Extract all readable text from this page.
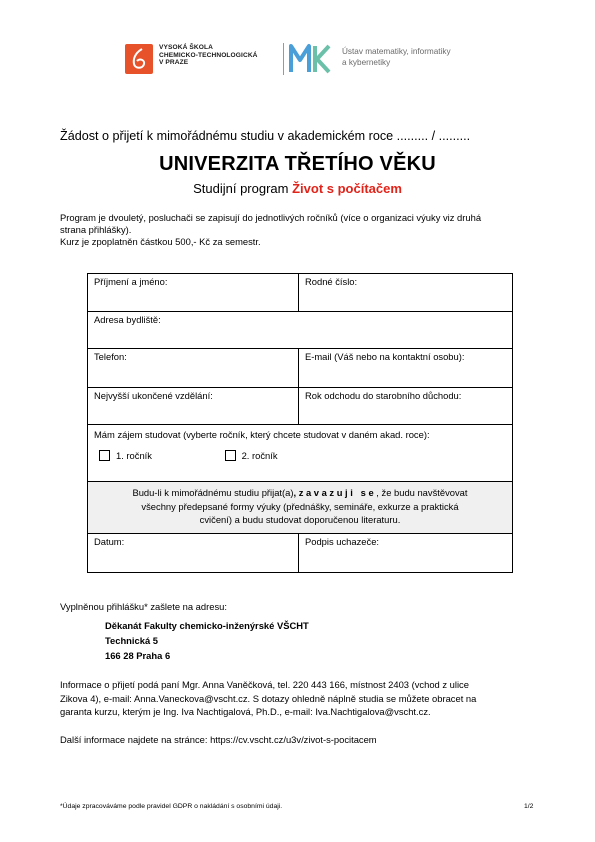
VYSOKÁ ŠKOLA
CHEMICKO-TECHNOLOGICKÁ
V PRAZE
Ústav matematiky, informatiky
a kybernetiky
Žádost o přijetí k mimořádnému studiu v akademickém roce ......... / .........
UNIVERZITA TŘETÍHO VĚKU
Studijní program Život s počítačem
Program je dvouletý, posluchači se zapisují do jednotlivých ročníků (více o organizaci výuky viz druhá
strana přihlášky).
Kurz je zpoplatněn částkou 500,- Kč za semestr.
Příjmení a jméno:	Rodné číslo:
Adresa bydliště:	
Telefon:	E-mail (Váš nebo na kontaktní osobu):
Nejvyšší ukončené vzdělání:	Rok odchodu do starobního důchodu:

Mám zájem studovat (vyberte ročník, který chcete studovat v daném akad. roce):
1. ročník 2. ročník	

Budu-li k mimořádnému studiu přijat(a), zavazuji se, že budu navštěvovat
všechny předepsané formy výuky (přednášky, semináře, exkurze a praktická
cvičení) a budu studovat doporučenou literaturu.	

Datum:	Podpis uchazeče:
Vyplněnou přihlášku* zašlete na adresu:
Děkanát Fakulty chemicko-inženýrské VŠCHT
Technická 5
166 28 Praha 6
Informace o přijetí podá paní Mgr. Anna Vaněčková, tel. 220 443 166, místnost 2403 (vchod z ulice
Zikova 4), e-mail: Anna.Vaneckova@vscht.cz. S dotazy ohledně náplně studia se můžete obracet na
garanta kurzu, kterým je Ing. Iva Nachtigalová, Ph.D., e-mail: Iva.Nachtigalova@vscht.cz.
Další informace najdete na stránce: https://cv.vscht.cz/u3v/zivot-s-pocitacem
*Údaje zpracováváme podle pravidel GDPR o nakládání s osobními údaji.	1/2
